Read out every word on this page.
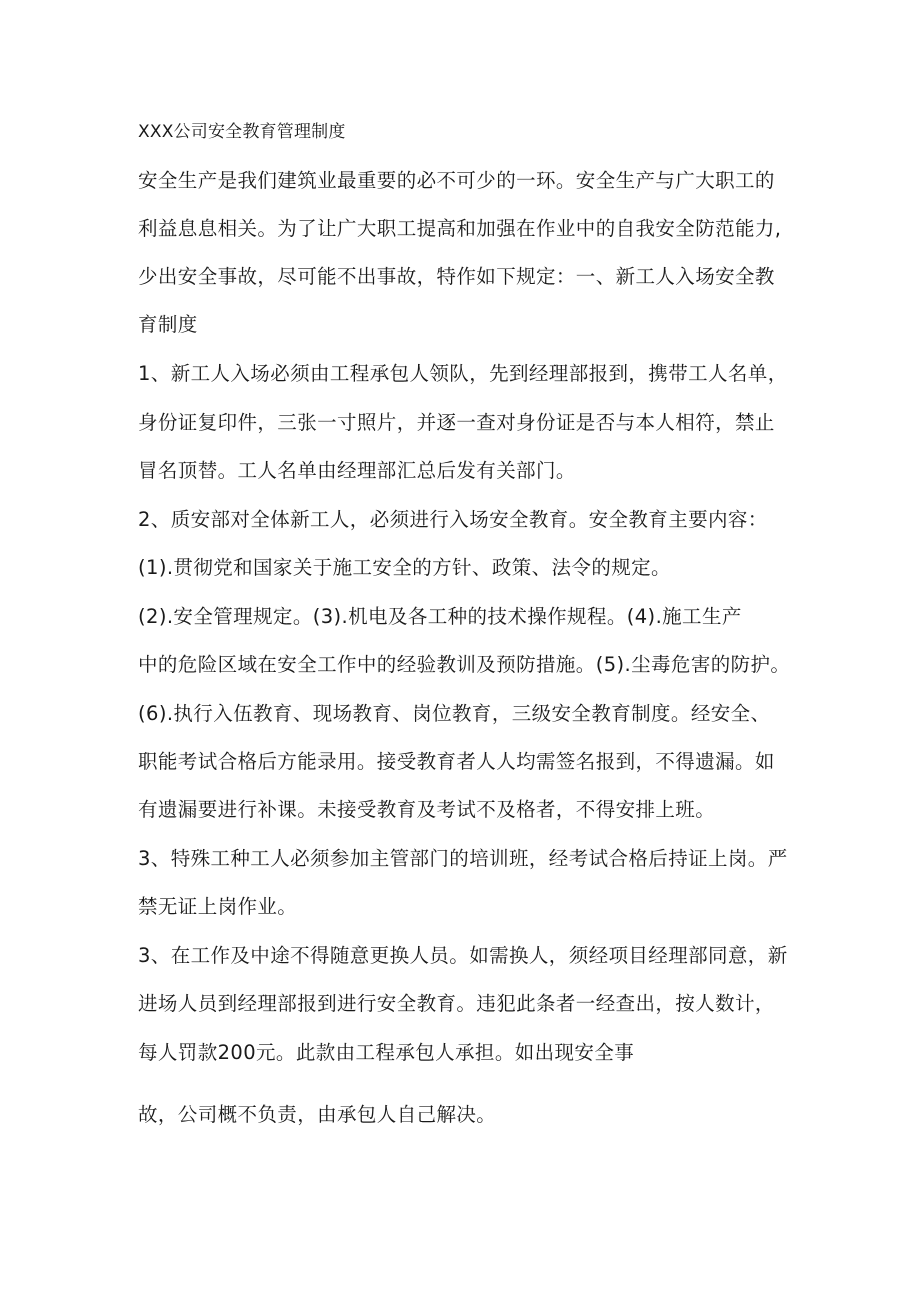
XXX公司安全教育管理制度
安全生产是我们建筑业最重要的必不可少的一环。安全生产与广大职工的
利益息息相关。为了让广大职工提高和加强在作业中的自我安全防范能力,
少出安全事故，尽可能不出事故，特作如下规定：一、新工人入场安全教
育制度
1、新工人入场必须由工程承包人领队，先到经理部报到，携带工人名单，
身份证复印件，三张一寸照片，并逐一查对身份证是否与本人相符，禁止
冒名顶替。工人名单由经理部汇总后发有关部门。
2、质安部对全体新工人，必须进行入场安全教育。安全教育主要内容：
(1).贯彻党和国家关于施工安全的方针、政策、法令的规定。
(2).安全管理规定。(3).机电及各工种的技术操作规程。(4).施工生产
中的危险区域在安全工作中的经验教训及预防措施。(5).尘毒危害的防护。
(6).执行入伍教育、现场教育、岗位教育，三级安全教育制度。经安全、
职能考试合格后方能录用。接受教育者人人均需签名报到，不得遗漏。如
有遗漏要进行补课。未接受教育及考试不及格者，不得安排上班。
3、特殊工种工人必须参加主管部门的培训班，经考试合格后持证上岗。严
禁无证上岗作业。
3、在工作及中途不得随意更换人员。如需换人，须经项目经理部同意，新
进场人员到经理部报到进行安全教育。违犯此条者一经查出，按人数计，
每人罚款200元。此款由工程承包人承担。如出现安全事
故，公司概不负责，由承包人自己解决。
